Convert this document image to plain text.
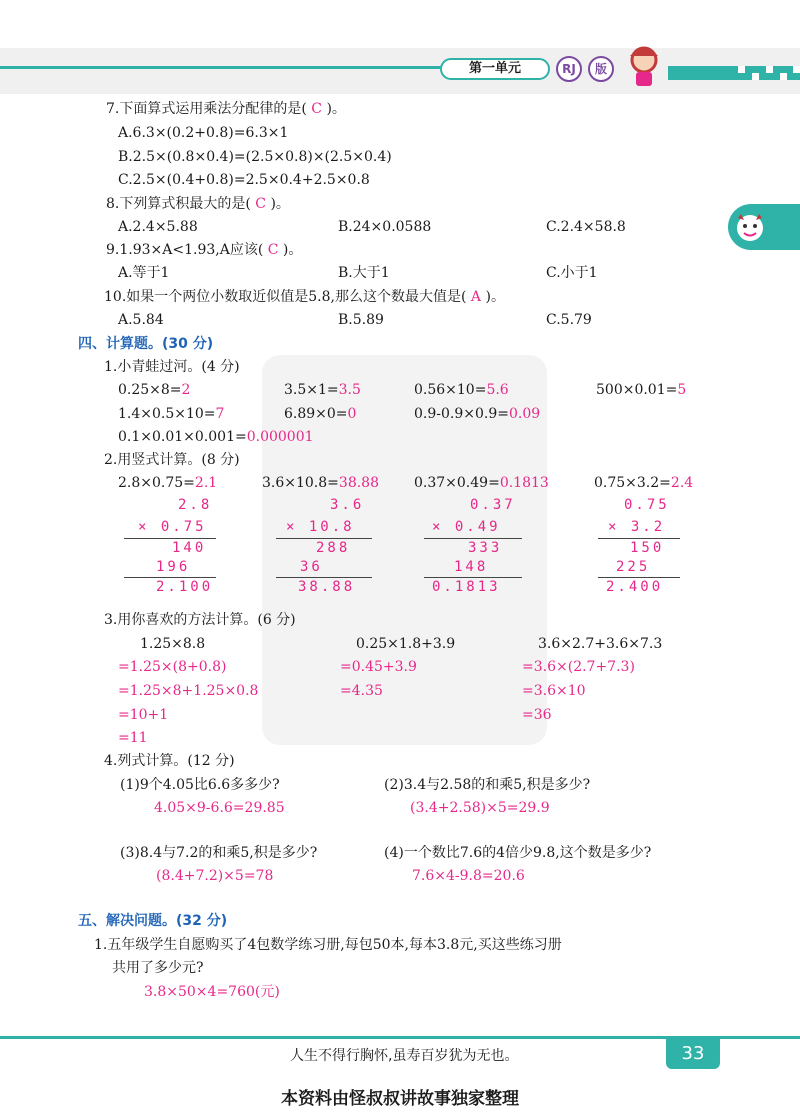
第一单元	RJ	版
7.下面算式运用乘法分配律的是( C )。
A.6.3×(0.2+0.8)=6.3×1
B.2.5×(0.8×0.4)=(2.5×0.8)×(2.5×0.4)
C.2.5×(0.4+0.8)=2.5×0.4+2.5×0.8
8.下列算式积最大的是( C )。
A.2.4×5.88	B.24×0.0588	C.2.4×58.8
9.1.93×A<1.93,A应该( C )。
A.等于1	B.大于1	C.小于1
10.如果一个两位小数取近似值是5.8,那么这个数最大值是( A )。
A.5.84	B.5.89	C.5.79
四、计算题。(30 分)
1.小青蛙过河。(4 分)
0.25×8=2	3.5×1=3.5	0.56×10=5.6	500×0.01=5
1.4×0.5×10=7	6.89×0=0	0.9-0.9×0.9=0.09
0.1×0.01×0.001=0.000001
2.用竖式计算。(8 分)
2.8×0.75=2.1
2.8
× 0.75
140
196
2.100
3.6×10.8=38.88
3.6
× 10.8
288
36
38.88
0.37×0.49=0.1813
0.37
× 0.49
333
148
0.1813
0.75×3.2=2.4
0.75
× 3.2
150
225
2.400
3.用你喜欢的方法计算。(6 分)
1.25×8.8
=1.25×(8+0.8)
=1.25×8+1.25×0.8
=10+1
=11
0.25×1.8+3.9
=0.45+3.9
=4.35
3.6×2.7+3.6×7.3
=3.6×(2.7+7.3)
=3.6×10
=36
4.列式计算。(12 分)
(1)9个4.05比6.6多多少?
4.05×9-6.6=29.85
(2)3.4与2.58的和乘5,积是多少?
(3.4+2.58)×5=29.9
(3)8.4与7.2的和乘5,积是多少?
(8.4+7.2)×5=78
(4)一个数比7.6的4倍少9.8,这个数是多少?
7.6×4-9.8=20.6
五、解决问题。(32 分)
1.五年级学生自愿购买了4包数学练习册,每包50本,每本3.8元,买这些练习册
共用了多少元?
3.8×50×4=760(元)
人生不得行胸怀,虽寿百岁犹为无也。	33
本资料由怪叔叔讲故事独家整理
